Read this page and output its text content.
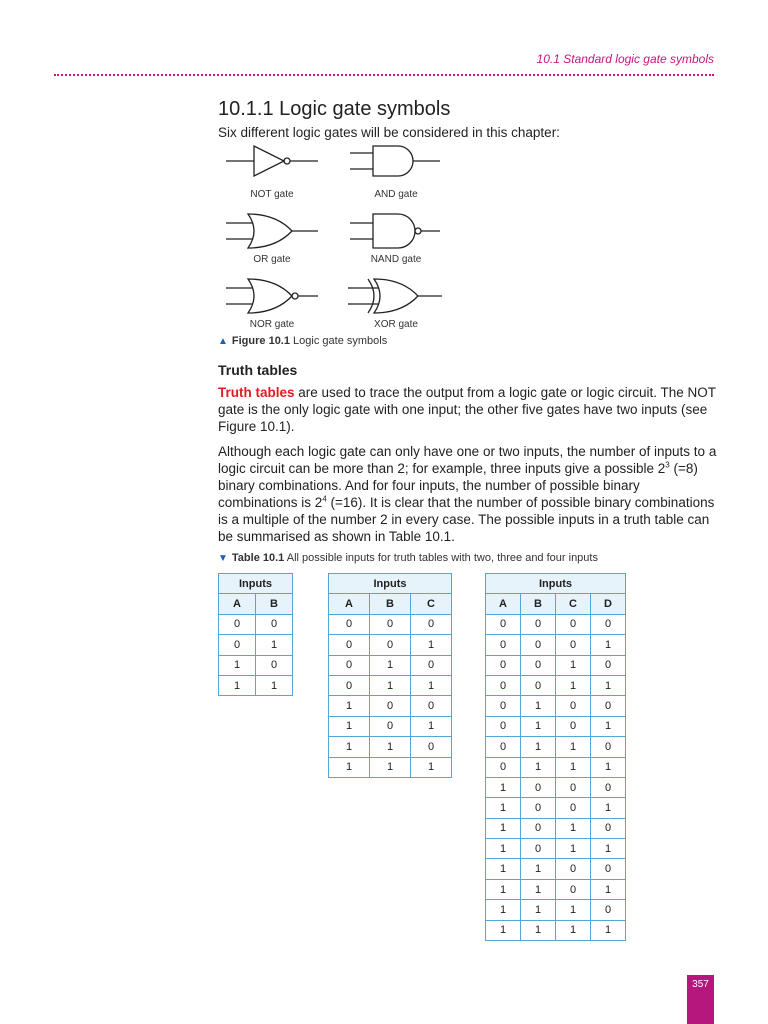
10.1 Standard logic gate symbols
10.1.1 Logic gate symbols

Six different logic gates will be considered in this chapter:

NOT gate	AND gate
OR gate	NAND gate
NOR gate	XOR gate
▲ Figure 10.1 Logic gate symbols
Truth tables

Truth tables are used to trace the output from a logic gate or logic circuit. The NOT gate is the only logic gate with one input; the other five gates have two inputs (see Figure 10.1).

Although each logic gate can only have one or two inputs, the number of inputs to a logic circuit can be more than 2; for example, three inputs give a possible $2^3$ (=8) binary combinations. And for four inputs, the number of possible binary combinations is $2^4$ (=16). It is clear that the number of possible binary combinations is a multiple of the number 2 in every case. The possible inputs in a truth table can be summarised as shown in Table 10.1.

▼ Table 10.1 All possible inputs for truth tables with two, three and four inputs
Inputs	
A	B
0	0
0	1
1	0
1	1
Inputs		
A	B	C
0	0	0
0	0	1
0	1	0
0	1	1
1	0	0
1	0	1
1	1	0
1	1	1
Inputs			
A	B	C	D
0	0	0	0
0	0	0	1
0	0	1	0
0	0	1	1
0	1	0	0
0	1	0	1
0	1	1	0
0	1	1	1
1	0	0	0
1	0	0	1
1	0	1	0
1	0	1	1
1	1	0	0
1	1	0	1
1	1	1	0
1	1	1	1
357
